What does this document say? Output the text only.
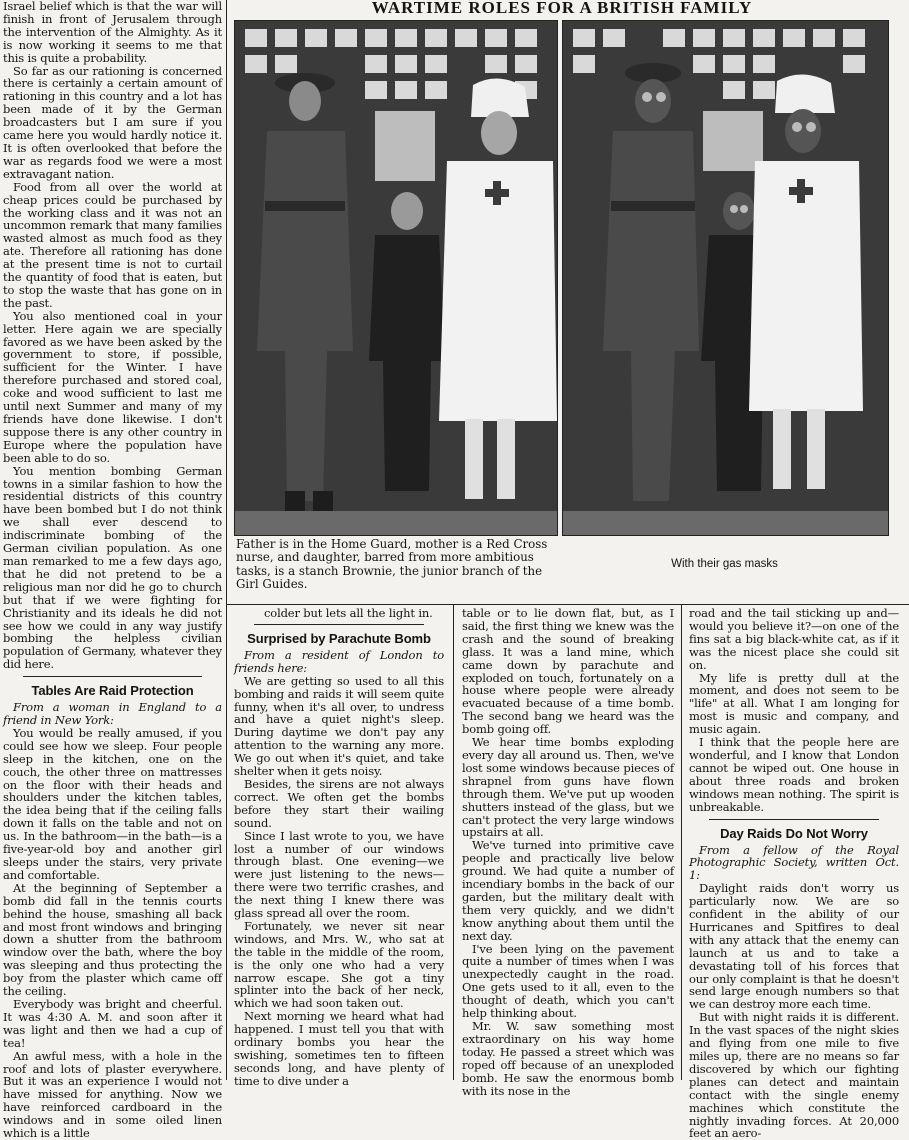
Israel belief which is that the war will finish in front of Jerusalem through the intervention of the Almighty. As it is now working it seems to me that this is quite a probability.

So far as our rationing is concerned there is certainly a certain amount of rationing in this country and a lot has been made of it by the German broadcasters but I am sure if you came here you would hardly notice it. It is often overlooked that before the war as regards food we were a most extravagant nation.

Food from all over the world at cheap prices could be purchased by the working class and it was not an uncommon remark that many families wasted almost as much food as they ate. Therefore all rationing has done at the present time is not to curtail the quantity of food that is eaten, but to stop the waste that has gone on in the past.

You also mentioned coal in your letter. Here again we are specially favored as we have been asked by the government to store, if possible, sufficient for the Winter. I have therefore purchased and stored coal, coke and wood sufficient to last me until next Summer and many of my friends have done likewise. I don't suppose there is any other country in Europe where the population have been able to do so.

You mention bombing German towns in a similar fashion to how the residential districts of this country have been bombed but I do not think we shall ever descend to indiscriminate bombing of the German civilian population. As one man remarked to me a few days ago, that he did not pretend to be a religious man nor did he go to church but that if we were fighting for Christianity and its ideals he did not see how we could in any way justify bombing the helpless civilian population of Germany, whatever they did here.

Tables Are Raid Protection

From a woman in England to a friend in New York:

You would be really amused, if you could see how we sleep. Four people sleep in the kitchen, one on the couch, the other three on mattresses on the floor with their heads and shoulders under the kitchen tables, the idea being that if the ceiling falls down it falls on the table and not on us. In the bathroom—in the bath—is a five-year-old boy and another girl sleeps under the stairs, very private and comfortable.

At the beginning of September a bomb did fall in the tennis courts behind the house, smashing all back and most front windows and bringing down a shutter from the bathroom window over the bath, where the boy was sleeping and thus protecting the boy from the plaster which came off the ceiling.

Everybody was bright and cheerful. It was 4:30 A. M. and soon after it was light and then we had a cup of tea!

An awful mess, with a hole in the roof and lots of plaster everywhere. But it was an experience I would not have missed for anything. Now we have reinforced cardboard in the windows and in some oiled linen which is a little

WARTIME ROLES FOR A BRITISH FAMILY
Father is in the Home Guard, mother is a Red Cross nurse, and daughter, barred from more ambitious tasks, is a stanch Brownie, the junior branch of the Girl Guides.
With their gas masks

colder but lets all the light in.

Surprised by Parachute Bomb

From a resident of London to friends here:

We are getting so used to all this bombing and raids it will seem quite funny, when it's all over, to undress and have a quiet night's sleep. During daytime we don't pay any attention to the warning any more. We go out when it's quiet, and take shelter when it gets noisy.

Besides, the sirens are not always correct. We often get the bombs before they start their wailing sound.

Since I last wrote to you, we have lost a number of our windows through blast. One evening—we were just listening to the news—there were two terrific crashes, and the next thing I knew there was glass spread all over the room.

Fortunately, we never sit near windows, and Mrs. W., who sat at the table in the middle of the room, is the only one who had a very narrow escape. She got a tiny splinter into the back of her neck, which we had soon taken out.

Next morning we heard what had happened. I must tell you that with ordinary bombs you hear the swishing, sometimes ten to fifteen seconds long, and have plenty of time to dive under a

table or to lie down flat, but, as I said, the first thing we knew was the crash and the sound of breaking glass. It was a land mine, which came down by parachute and exploded on touch, fortunately on a house where people were already evacuated because of a time bomb. The second bang we heard was the bomb going off.

We hear time bombs exploding every day all around us. Then, we've lost some windows because pieces of shrapnel from guns have flown through them. We've put up wooden shutters instead of the glass, but we can't protect the very large windows upstairs at all.

We've turned into primitive cave people and practically live below ground. We had quite a number of incendiary bombs in the back of our garden, but the military dealt with them very quickly, and we didn't know anything about them until the next day.

I've been lying on the pavement quite a number of times when I was unexpectedly caught in the road. One gets used to it all, even to the thought of death, which you can't help thinking about.

Mr. W. saw something most extraordinary on his way home today. He passed a street which was roped off because of an unexploded bomb. He saw the enormous bomb with its nose in the

road and the tail sticking up and—would you believe it?—on one of the fins sat a big black-white cat, as if it was the nicest place she could sit on.

My life is pretty dull at the moment, and does not seem to be "life" at all. What I am longing for most is music and company, and music again.

I think that the people here are wonderful, and I know that London cannot be wiped out. One house in about three roads and broken windows mean nothing. The spirit is unbreakable.

Day Raids Do Not Worry

From a fellow of the Royal Photographic Society, written Oct. 1:

Daylight raids don't worry us particularly now. We are so confident in the ability of our Hurricanes and Spitfires to deal with any attack that the enemy can launch at us and to take a devastating toll of his forces that our only complaint is that he doesn't send large enough numbers so that we can destroy more each time.

But with night raids it is different. In the vast spaces of the night skies and flying from one mile to five miles up, there are no means so far discovered by which our fighting planes can detect and maintain contact with the single enemy machines which constitute the nightly invading forces. At 20,000 feet an aero-
